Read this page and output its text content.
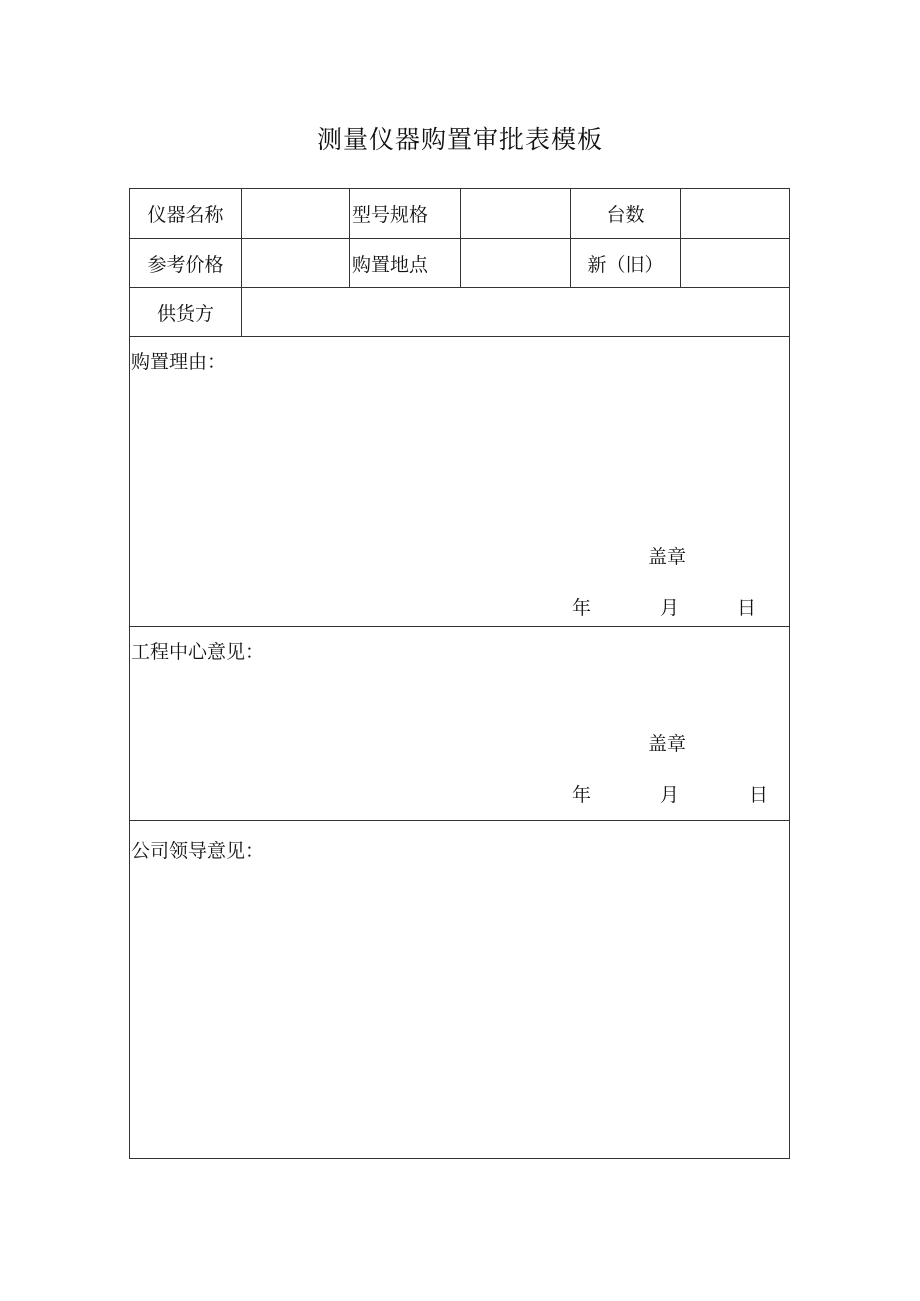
测量仪器购置审批表模板
仪器名称	型号规格	台数
参考价格	购置地点	新（旧）
供货方
购置理由：
盖章
年	月	日
工程中心意见：
盖章
年	月	日
公司领导意见：
